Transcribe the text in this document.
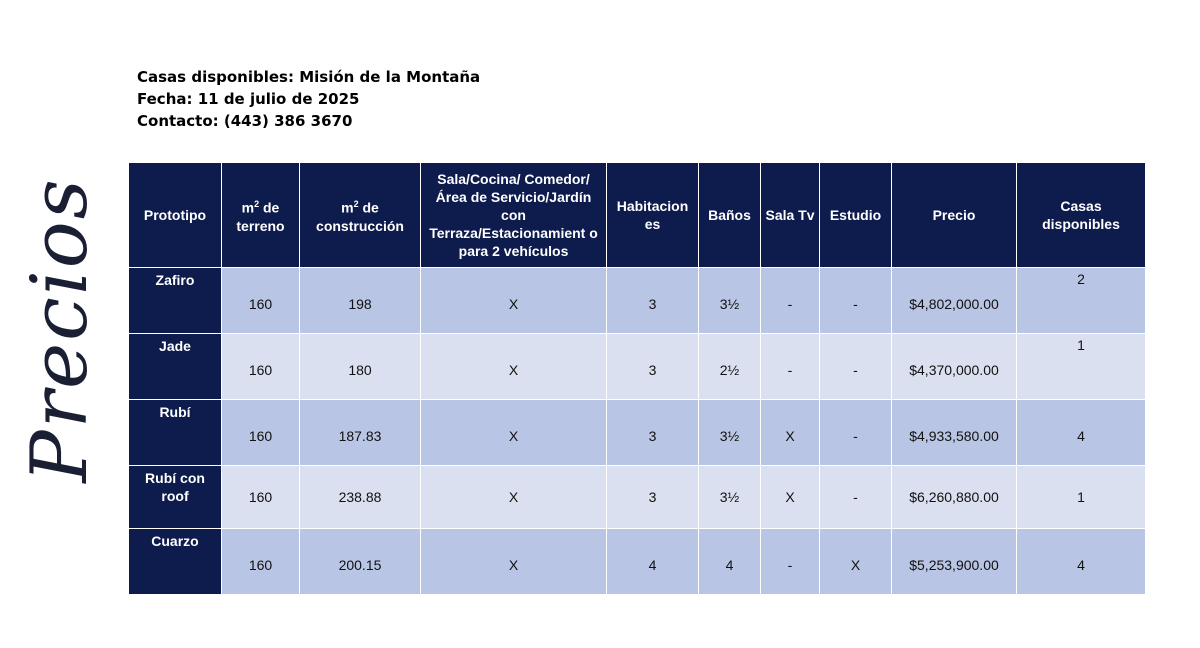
Precios
Casas disponibles: Misión de la Montaña
Fecha: 11 de julio de 2025
Contacto: (443) 386 3670
Prototipo	$m^2$ de terreno	$m^2$ de construcción	Sala/Cocina/ Comedor/Área de Servicio/Jardín con Terraza/Estacionamient o para 2 vehículos	Habitacion es	Baños	Sala Tv	Estudio	Precio	Casas disponibles
Zafiro	160	198	X	3	3½	-	-	$4,802,000.00	2
Jade	160	180	X	3	2½	-	-	$4,370,000.00	1
Rubí	160	187.83	X	3	3½	X	-	$4,933,580.00	4
Rubí con roof	160	238.88	X	3	3½	X	-	$6,260,880.00	1
Cuarzo	160	200.15	X	4	4	-	X	$5,253,900.00	4
